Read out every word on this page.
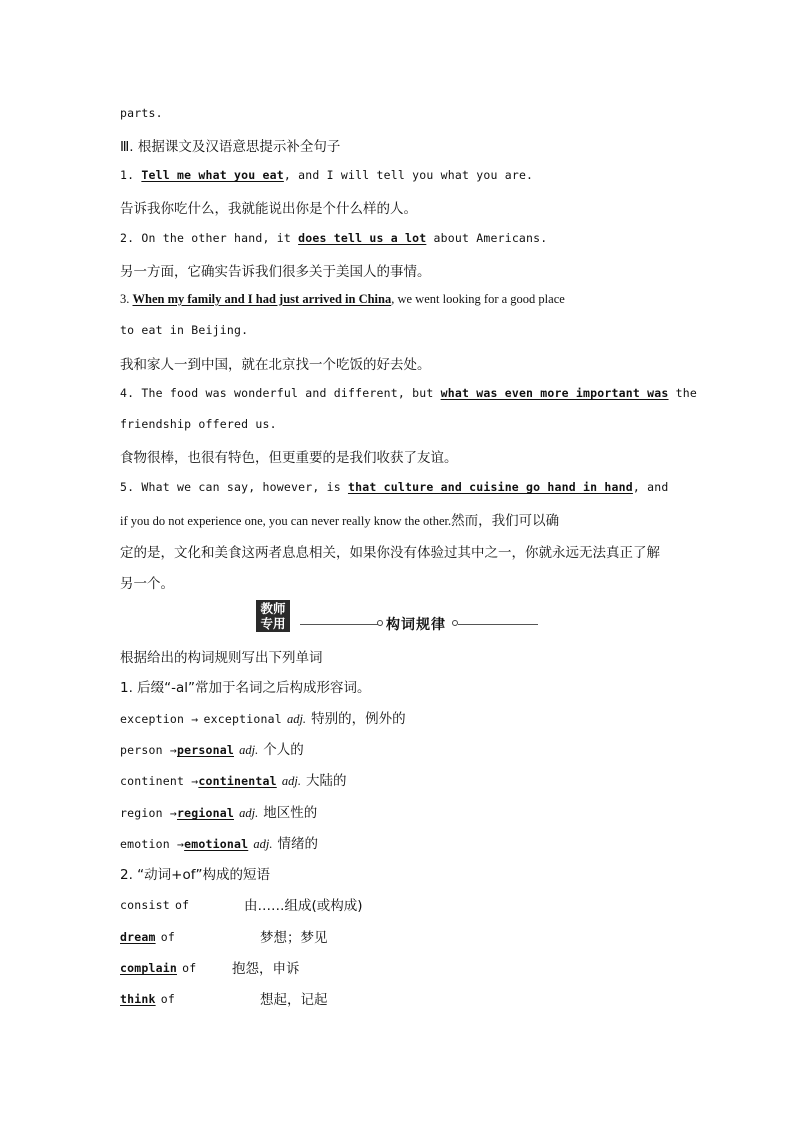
parts.
Ⅲ. 根据课文及汉语意思提示补全句子
1. Tell me what you eat, and I will tell you what you are.
告诉我你吃什么，我就能说出你是个什么样的人。
2. On the other hand, it does tell us a lot about Americans.
另一方面，它确实告诉我们很多关于美国人的事情。
3. When my family and I had just arrived in China, we went looking for a good place
to eat in Beijing.
我和家人一到中国，就在北京找一个吃饭的好去处。
4. The food was wonderful and different, but what was even more important was the
friendship offered us.
食物很棒，也很有特色，但更重要的是我们收获了友谊。
5. What we can say, however, is that culture and cuisine go hand in hand, and
if you do not experience one, you can never really know the other.然而，我们可以确
定的是，文化和美食这两者息息相关，如果你没有体验过其中之一，你就永远无法真正了解
另一个。
教师
专用	构词规律
根据给出的构词规则写出下列单词
1. 后缀“-al”常加于名词之后构成形容词。
exception → exceptional adj. 特别的，例外的
person →personal adj. 个人的
continent →continental adj. 大陆的
region →regional adj. 地区性的
emotion →emotional adj. 情绪的
2. “动词+of”构成的短语
consist of	由……组成(或构成)
dream of	梦想；梦见
complain of	抱怨，申诉
think of	想起，记起
